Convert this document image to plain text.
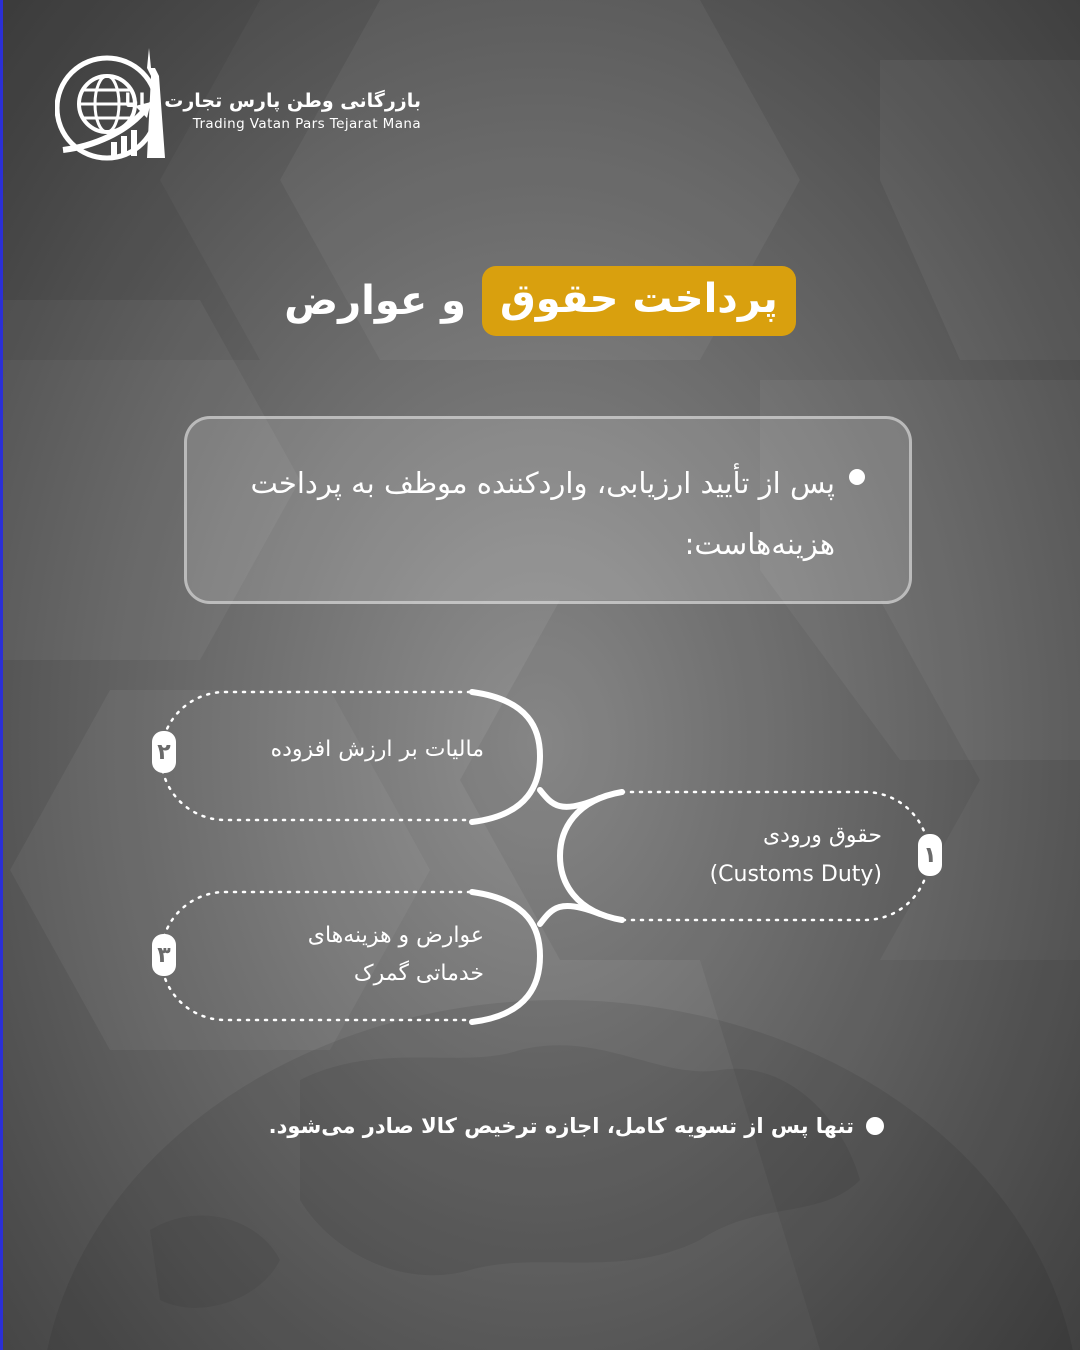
بازرگانی وطن پارس تجارت مانا
Trading Vatan Pars Tejarat Mana
پرداخت حقوق
و عوارض
پس از تأیید ارزیابی، واردکننده موظف به پرداخت هزینه‌هاست:
۲	مالیات بر ارزش افزوده
۳
عوارض و هزینه‌های
خدماتی گمرک
۱
حقوق ورودی
(Customs Duty)
تنها پس از تسویه کامل، اجازه ترخیص کالا صادر می‌شود.
